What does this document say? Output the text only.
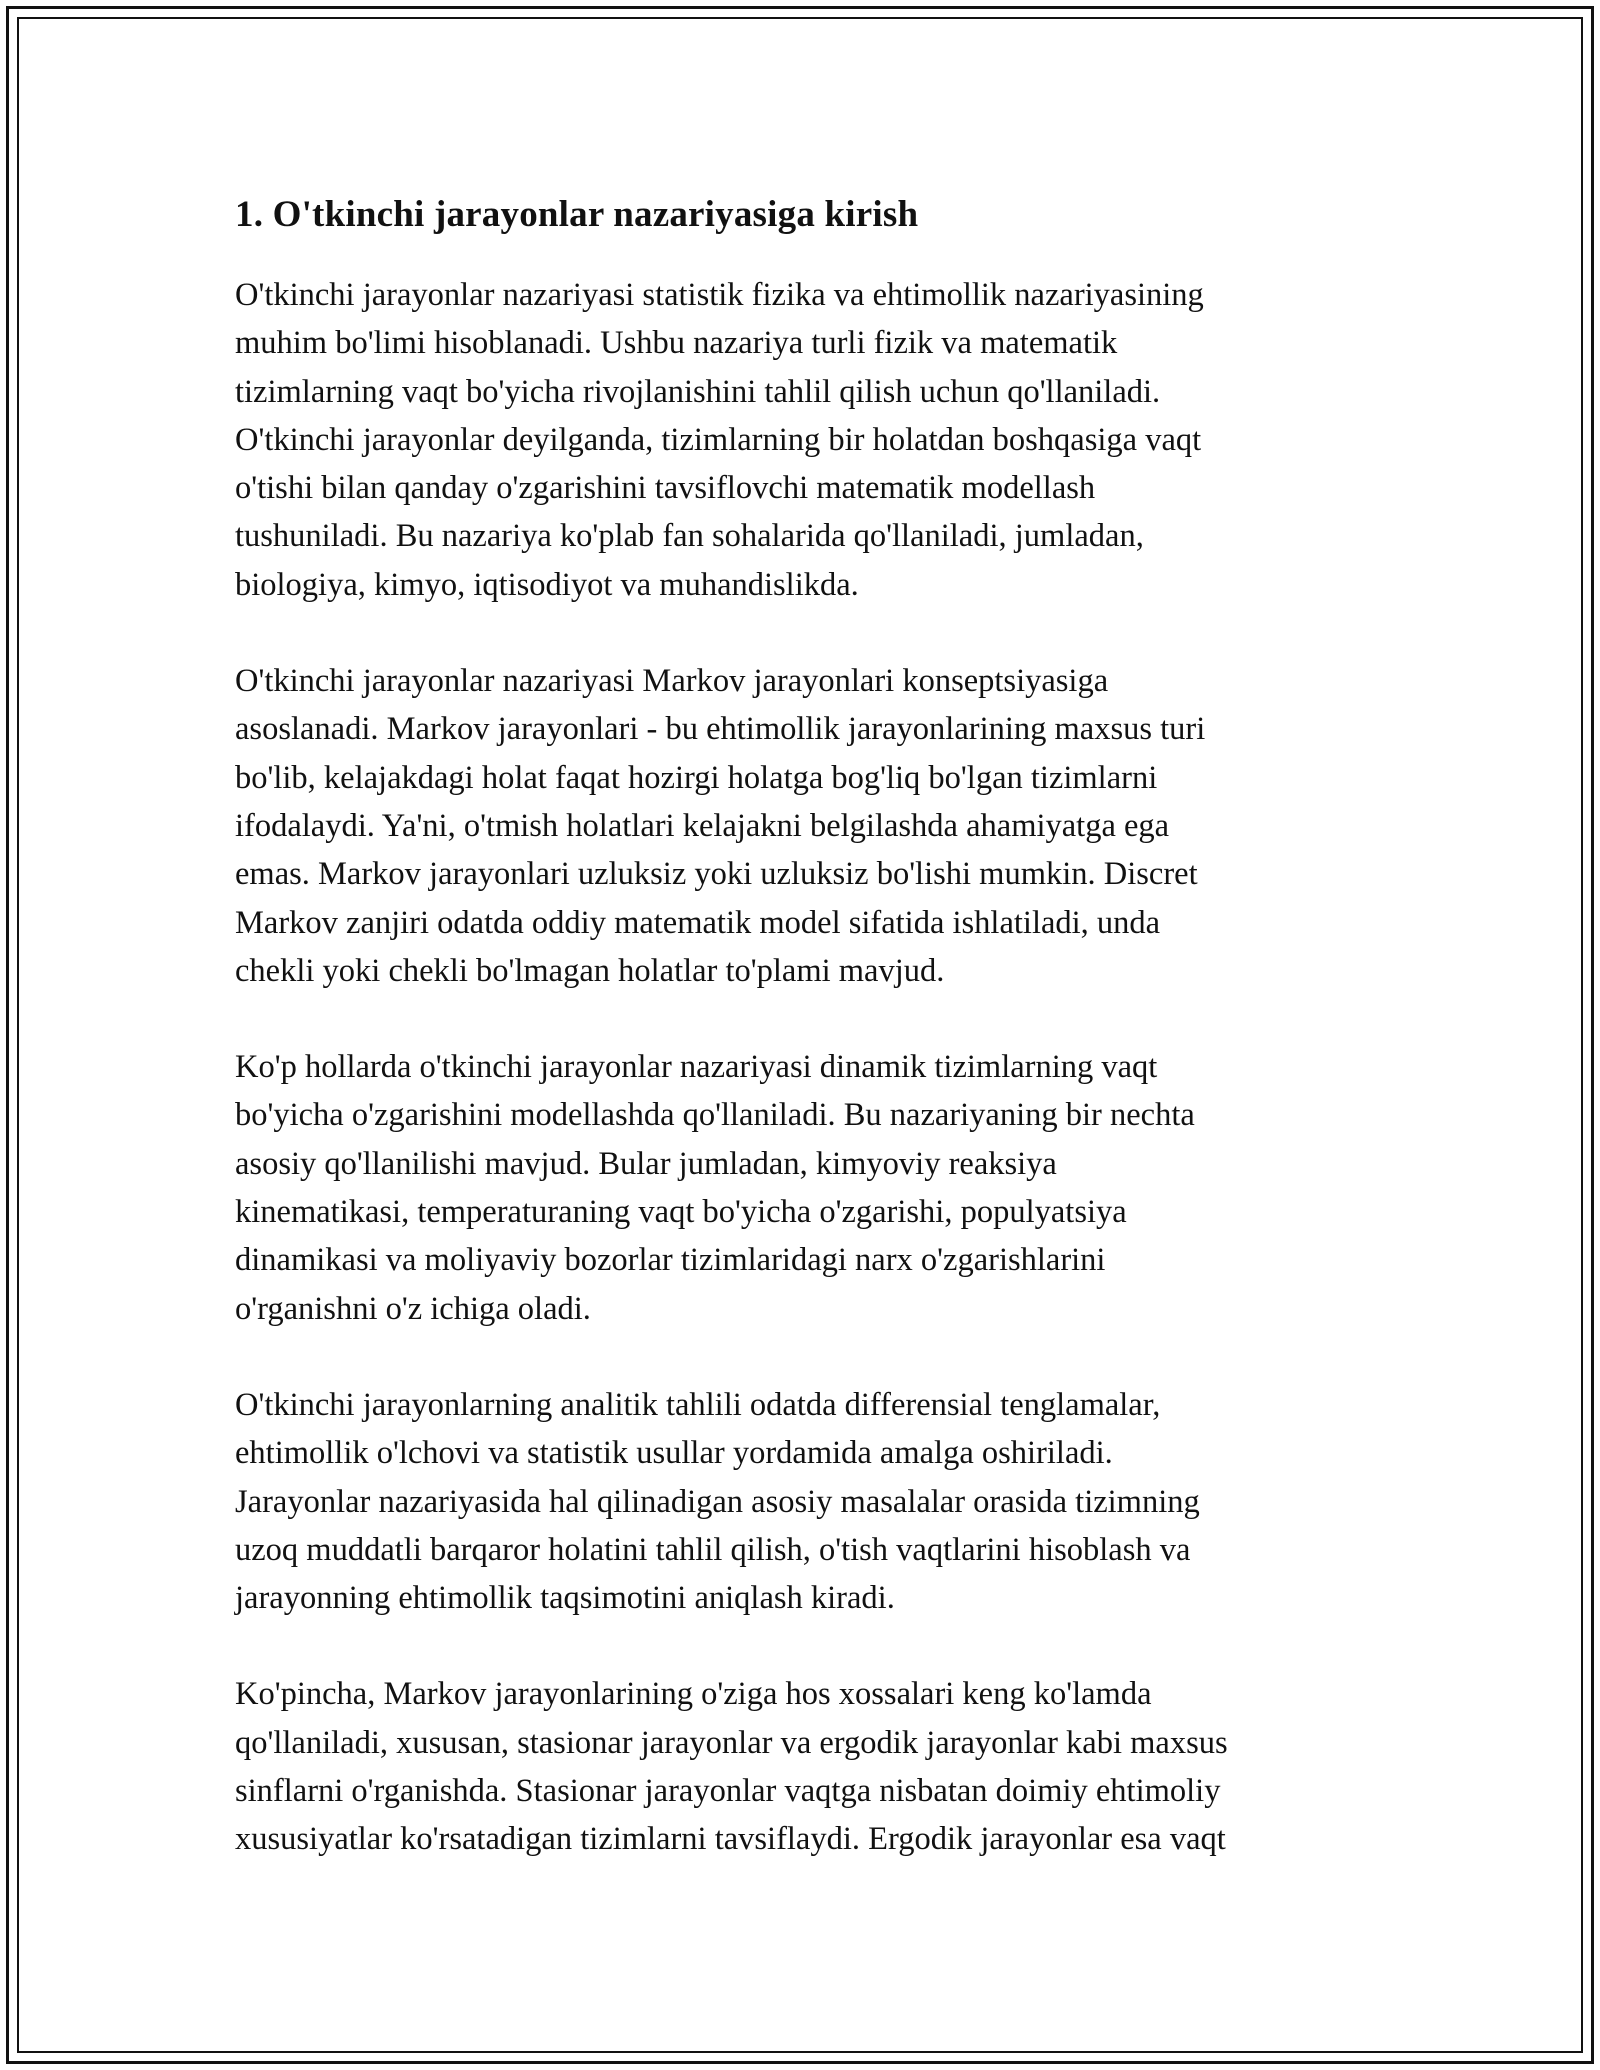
1. O'tkinchi jarayonlar nazariyasiga kirish
O'tkinchi jarayonlar nazariyasi statistik fizika va ehtimollik nazariyasining
muhim bo'limi hisoblanadi. Ushbu nazariya turli fizik va matematik
tizimlarning vaqt bo'yicha rivojlanishini tahlil qilish uchun qo'llaniladi.
O'tkinchi jarayonlar deyilganda, tizimlarning bir holatdan boshqasiga vaqt
o'tishi bilan qanday o'zgarishini tavsiflovchi matematik modellash
tushuniladi. Bu nazariya ko'plab fan sohalarida qo'llaniladi, jumladan,
biologiya, kimyo, iqtisodiyot va muhandislikda.
O'tkinchi jarayonlar nazariyasi Markov jarayonlari konseptsiyasiga
asoslanadi. Markov jarayonlari - bu ehtimollik jarayonlarining maxsus turi
bo'lib, kelajakdagi holat faqat hozirgi holatga bog'liq bo'lgan tizimlarni
ifodalaydi. Ya'ni, o'tmish holatlari kelajakni belgilashda ahamiyatga ega
emas. Markov jarayonlari uzluksiz yoki uzluksiz bo'lishi mumkin. Discret
Markov zanjiri odatda oddiy matematik model sifatida ishlatiladi, unda
chekli yoki chekli bo'lmagan holatlar to'plami mavjud.
Ko'p hollarda o'tkinchi jarayonlar nazariyasi dinamik tizimlarning vaqt
bo'yicha o'zgarishini modellashda qo'llaniladi. Bu nazariyaning bir nechta
asosiy qo'llanilishi mavjud. Bular jumladan, kimyoviy reaksiya
kinematikasi, temperaturaning vaqt bo'yicha o'zgarishi, populyatsiya
dinamikasi va moliyaviy bozorlar tizimlaridagi narx o'zgarishlarini
o'rganishni o'z ichiga oladi.
O'tkinchi jarayonlarning analitik tahlili odatda differensial tenglamalar,
ehtimollik o'lchovi va statistik usullar yordamida amalga oshiriladi.
Jarayonlar nazariyasida hal qilinadigan asosiy masalalar orasida tizimning
uzoq muddatli barqaror holatini tahlil qilish, o'tish vaqtlarini hisoblash va
jarayonning ehtimollik taqsimotini aniqlash kiradi.
Ko'pincha, Markov jarayonlarining o'ziga hos xossalari keng ko'lamda
qo'llaniladi, xususan, stasionar jarayonlar va ergodik jarayonlar kabi maxsus
sinflarni o'rganishda. Stasionar jarayonlar vaqtga nisbatan doimiy ehtimoliy
xususiyatlar ko'rsatadigan tizimlarni tavsiflaydi. Ergodik jarayonlar esa vaqt
